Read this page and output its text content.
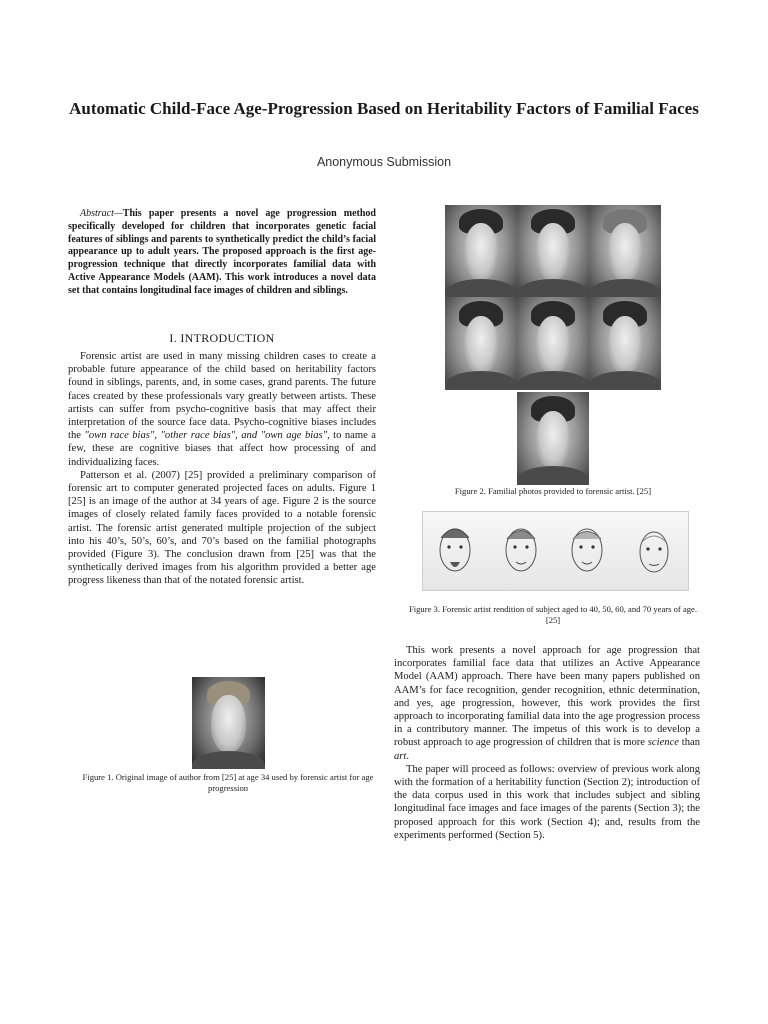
Automatic Child-Face Age-Progression Based on Heritability Factors of Familial Faces
Anonymous Submission
Abstract—This paper presents a novel age progression method specifically developed for children that incorporates genetic facial features of siblings and parents to synthetically predict the child’s facial appearance up to adult years. The proposed approach is the first age-progression technique that directly incorporates familial data with Active Appearance Models (AAM). This work introduces a novel data set that contains longitudinal face images of children and siblings.
I. INTRODUCTION

Forensic artist are used in many missing children cases to create a probable future appearance of the child based on heritability factors found in siblings, parents, and, in some cases, grand parents. The future faces created by these professionals vary greatly between artists. These artists can suffer from psycho-cognitive basis that may affect their interpretation of the source face data. Psycho-cognitive biases includes the "own race bias", "other race bias", and "own age bias", to name a few, these are cognitive biases that affect how processing of and individualizing faces.

Patterson et al. (2007) [25] provided a preliminary comparison of forensic art to computer generated projected faces on adults. Figure 1 [25] is an image of the author at 34 years of age. Figure 2 is the source images of closely related family faces provided to a notable forensic artist. The forensic artist generated multiple projection of the subject into his 40’s, 50’s, 60’s, and 70’s based on the familial photographs provided (Figure 3). The conclusion drawn from [25] was that the synthetically derived images from his algorithm provided a better age progress likeness than that of the notated forensic artist.

Figure 1. Original image of author from [25] at age 34 used by forensic artist for age progression
Figure 2. Familial photos provided to forensic artist. [25]
Figure 3. Forensic artist rendition of subject aged to 40, 50, 60, and 70 years of age. [25]

This work presents a novel approach for age progression that incorporates familial face data that utilizes an Active Appearance Model (AAM) approach. There have been many papers published on AAM’s for face recognition, gender recognition, ethnic determination, and yes, age progression, however, this work provides the first approach to incorporating familial data into the age progression process in a contributory manner. The impetus of this work is to develop a robust approach to age progression of children that is more science than art.

The paper will proceed as follows: overview of previous work along with the formation of a heritability function (Section 2); introduction of the data corpus used in this work that includes subject and sibling longitudinal face images and face images of the parents (Section 3); the proposed approach for this work (Section 4); and, results from the experiments performed (Section 5).
